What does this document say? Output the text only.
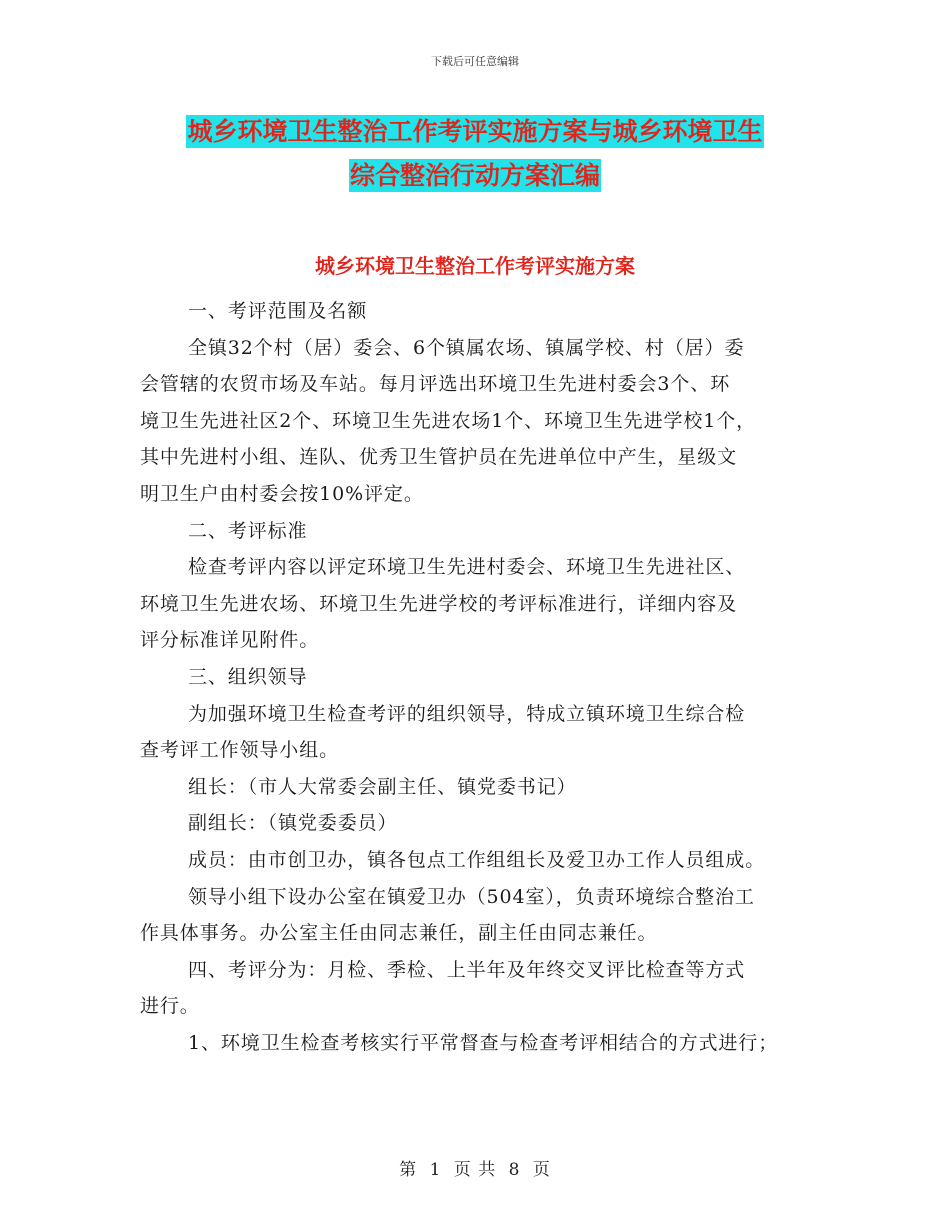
下载后可任意编辑
城乡环境卫生整治工作考评实施方案与城乡环境卫生
综合整治行动方案汇编
城乡环境卫生整治工作考评实施方案
一、考评范围及名额
全镇32个村（居）委会、6个镇属农场、镇属学校、村（居）委
会管辖的农贸市场及车站。每月评选出环境卫生先进村委会3个、环
境卫生先进社区2个、环境卫生先进农场1个、环境卫生先进学校1个，
其中先进村小组、连队、优秀卫生管护员在先进单位中产生，星级文
明卫生户由村委会按10%评定。
二、考评标准
检查考评内容以评定环境卫生先进村委会、环境卫生先进社区、
环境卫生先进农场、环境卫生先进学校的考评标准进行，详细内容及
评分标准详见附件。
三、组织领导
为加强环境卫生检查考评的组织领导，特成立镇环境卫生综合检
查考评工作领导小组。
组长：（市人大常委会副主任、镇党委书记）
副组长：（镇党委委员）
成员：由市创卫办，镇各包点工作组组长及爱卫办工作人员组成。
领导小组下设办公室在镇爱卫办（504室），负责环境综合整治工
作具体事务。办公室主任由同志兼任，副主任由同志兼任。
四、考评分为：月检、季检、上半年及年终交叉评比检查等方式
进行。
1、环境卫生检查考核实行平常督查与检查考评相结合的方式进行；
第 1 页 共 8 页
